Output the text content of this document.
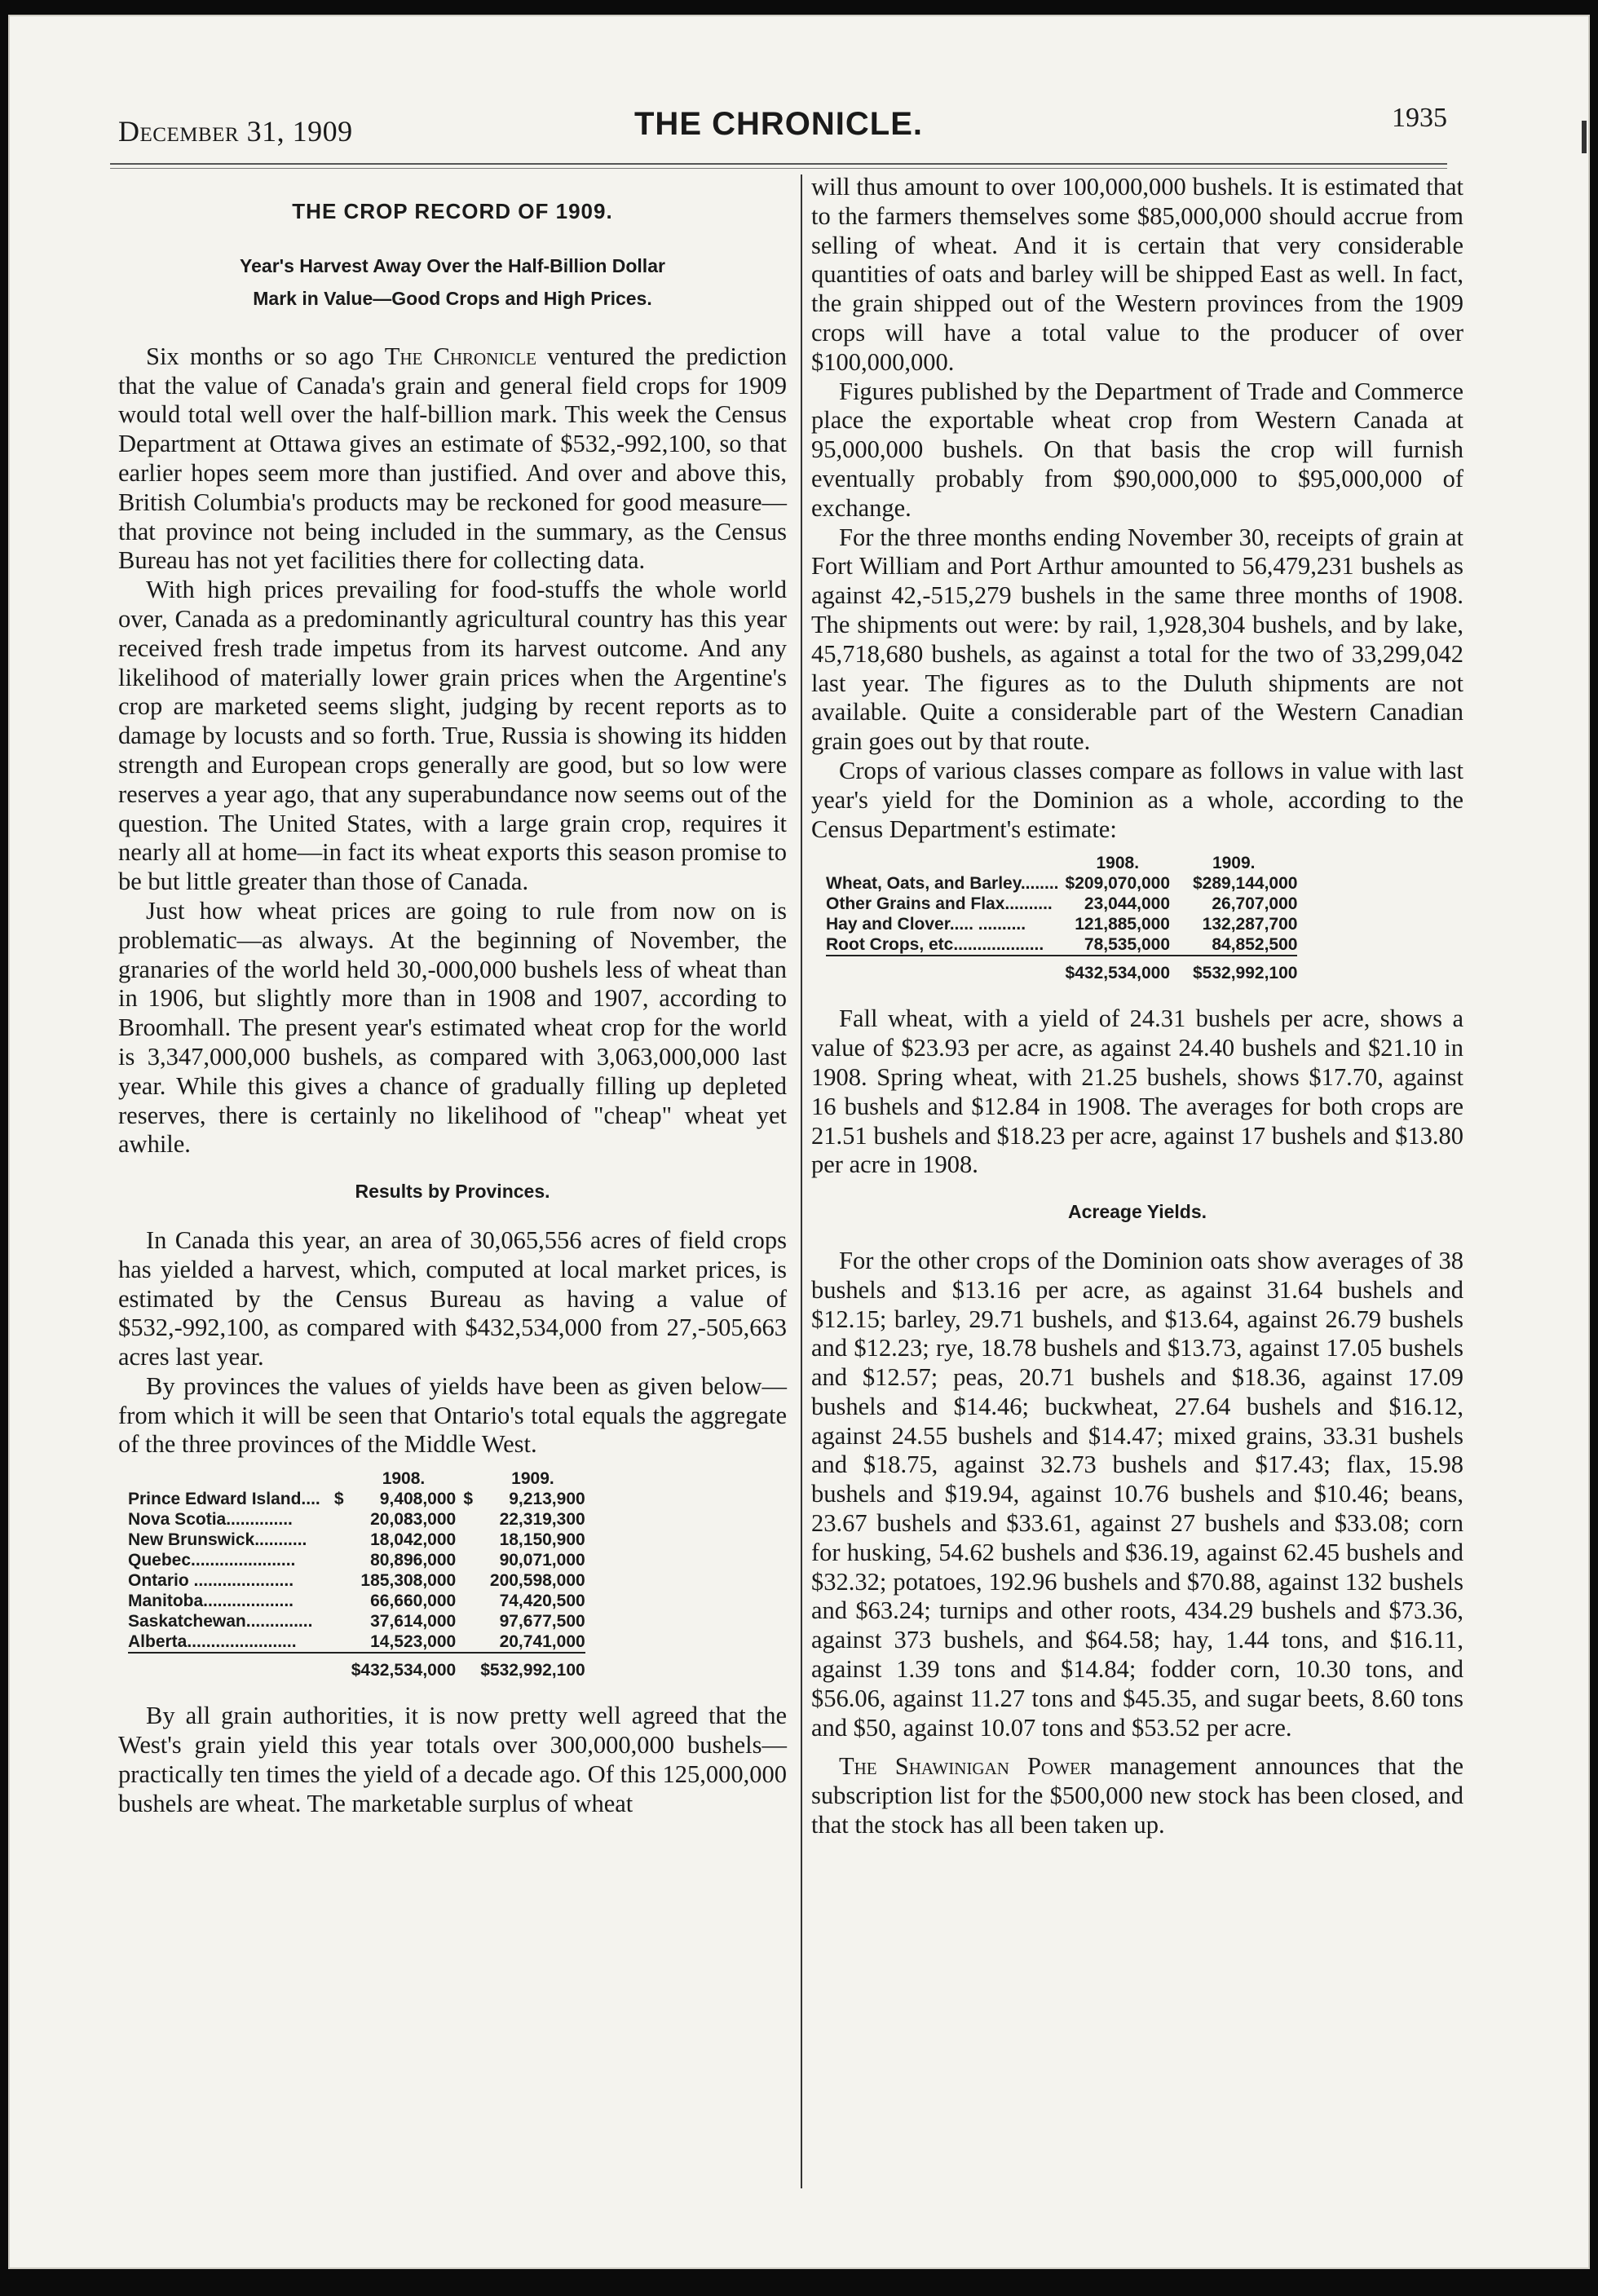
December 31, 1909	THE CHRONICLE.	1935
THE CROP RECORD OF 1909.
Year's Harvest Away Over the Half-Billion Dollar
Mark in Value—Good Crops and High Prices.

Six months or so ago The Chronicle ventured the prediction that the value of Canada's grain and general field crops for 1909 would total well over the half-billion mark. This week the Census Department at Ottawa gives an estimate of $532,-992,100, so that earlier hopes seem more than justified. And over and above this, British Columbia's products may be reckoned for good measure—that province not being included in the summary, as the Census Bureau has not yet facilities there for collecting data.

With high prices prevailing for food-stuffs the whole world over, Canada as a predominantly agricultural country has this year received fresh trade impetus from its harvest outcome. And any likelihood of materially lower grain prices when the Argentine's crop are marketed seems slight, judging by recent reports as to damage by locusts and so forth. True, Russia is showing its hidden strength and European crops generally are good, but so low were reserves a year ago, that any superabundance now seems out of the question. The United States, with a large grain crop, requires it nearly all at home—in fact its wheat exports this season promise to be but little greater than those of Canada.

Just how wheat prices are going to rule from now on is problematic—as always. At the beginning of November, the granaries of the world held 30,-000,000 bushels less of wheat than in 1906, but slightly more than in 1908 and 1907, according to Broomhall. The present year's estimated wheat crop for the world is 3,347,000,000 bushels, as compared with 3,063,000,000 last year. While this gives a chance of gradually filling up depleted reserves, there is certainly no likelihood of "cheap" wheat yet awhile.

Results by Provinces.

In Canada this year, an area of 30,065,556 acres of field crops has yielded a harvest, which, computed at local market prices, is estimated by the Census Bureau as having a value of $532,-992,100, as compared with $432,534,000 from 27,-505,663 acres last year.

By provinces the values of yields have been as given below—from which it will be seen that Ontario's total equals the aggregate of the three provinces of the Middle West.

		1908.		1909.
Prince Edward Island....	$	9,408,000	$	9,213,900
Nova Scotia..............		20,083,000		22,319,300
New Brunswick...........		18,042,000		18,150,900
Quebec......................		80,896,000		90,071,000
Ontario .....................		185,308,000		200,598,000
Manitoba...................		66,660,000		74,420,500
Saskatchewan..............		37,614,000		97,677,500
Alberta.......................		14,523,000		20,741,000
		$432,534,000		$532,992,100

By all grain authorities, it is now pretty well agreed that the West's grain yield this year totals over 300,000,000 bushels—practically ten times the yield of a decade ago. Of this 125,000,000 bushels are wheat. The marketable surplus of wheat

will thus amount to over 100,000,000 bushels. It is estimated that to the farmers themselves some $85,000,000 should accrue from selling of wheat. And it is certain that very considerable quantities of oats and barley will be shipped East as well. In fact, the grain shipped out of the Western provinces from the 1909 crops will have a total value to the producer of over $100,000,000.

Figures published by the Department of Trade and Commerce place the exportable wheat crop from Western Canada at 95,000,000 bushels. On that basis the crop will furnish eventually probably from $90,000,000 to $95,000,000 of exchange.

For the three months ending November 30, receipts of grain at Fort William and Port Arthur amounted to 56,479,231 bushels as against 42,-515,279 bushels in the same three months of 1908. The shipments out were: by rail, 1,928,304 bushels, and by lake, 45,718,680 bushels, as against a total for the two of 33,299,042 last year. The figures as to the Duluth shipments are not available. Quite a considerable part of the Western Canadian grain goes out by that route.

Crops of various classes compare as follows in value with last year's yield for the Dominion as a whole, according to the Census Department's estimate:

	1908.	1909.
Wheat, Oats, and Barley........	$209,070,000	$289,144,000
Other Grains and Flax..........	23,044,000	26,707,000
Hay and Clover..... ..........	121,885,000	132,287,700
Root Crops, etc...................	78,535,000	84,852,500
	$432,534,000	$532,992,100

Fall wheat, with a yield of 24.31 bushels per acre, shows a value of $23.93 per acre, as against 24.40 bushels and $21.10 in 1908. Spring wheat, with 21.25 bushels, shows $17.70, against 16 bushels and $12.84 in 1908. The averages for both crops are 21.51 bushels and $18.23 per acre, against 17 bushels and $13.80 per acre in 1908.

Acreage Yields.

For the other crops of the Dominion oats show averages of 38 bushels and $13.16 per acre, as against 31.64 bushels and $12.15; barley, 29.71 bushels, and $13.64, against 26.79 bushels and $12.23; rye, 18.78 bushels and $13.73, against 17.05 bushels and $12.57; peas, 20.71 bushels and $18.36, against 17.09 bushels and $14.46; buckwheat, 27.64 bushels and $16.12, against 24.55 bushels and $14.47; mixed grains, 33.31 bushels and $18.75, against 32.73 bushels and $17.43; flax, 15.98 bushels and $19.94, against 10.76 bushels and $10.46; beans, 23.67 bushels and $33.61, against 27 bushels and $33.08; corn for husking, 54.62 bushels and $36.19, against 62.45 bushels and $32.32; potatoes, 192.96 bushels and $70.88, against 132 bushels and $63.24; turnips and other roots, 434.29 bushels and $73.36, against 373 bushels, and $64.58; hay, 1.44 tons, and $16.11, against 1.39 tons and $14.84; fodder corn, 10.30 tons, and $56.06, against 11.27 tons and $45.35, and sugar beets, 8.60 tons and $50, against 10.07 tons and $53.52 per acre.

The Shawinigan Power management announces that the subscription list for the $500,000 new stock has been closed, and that the stock has all been taken up.
